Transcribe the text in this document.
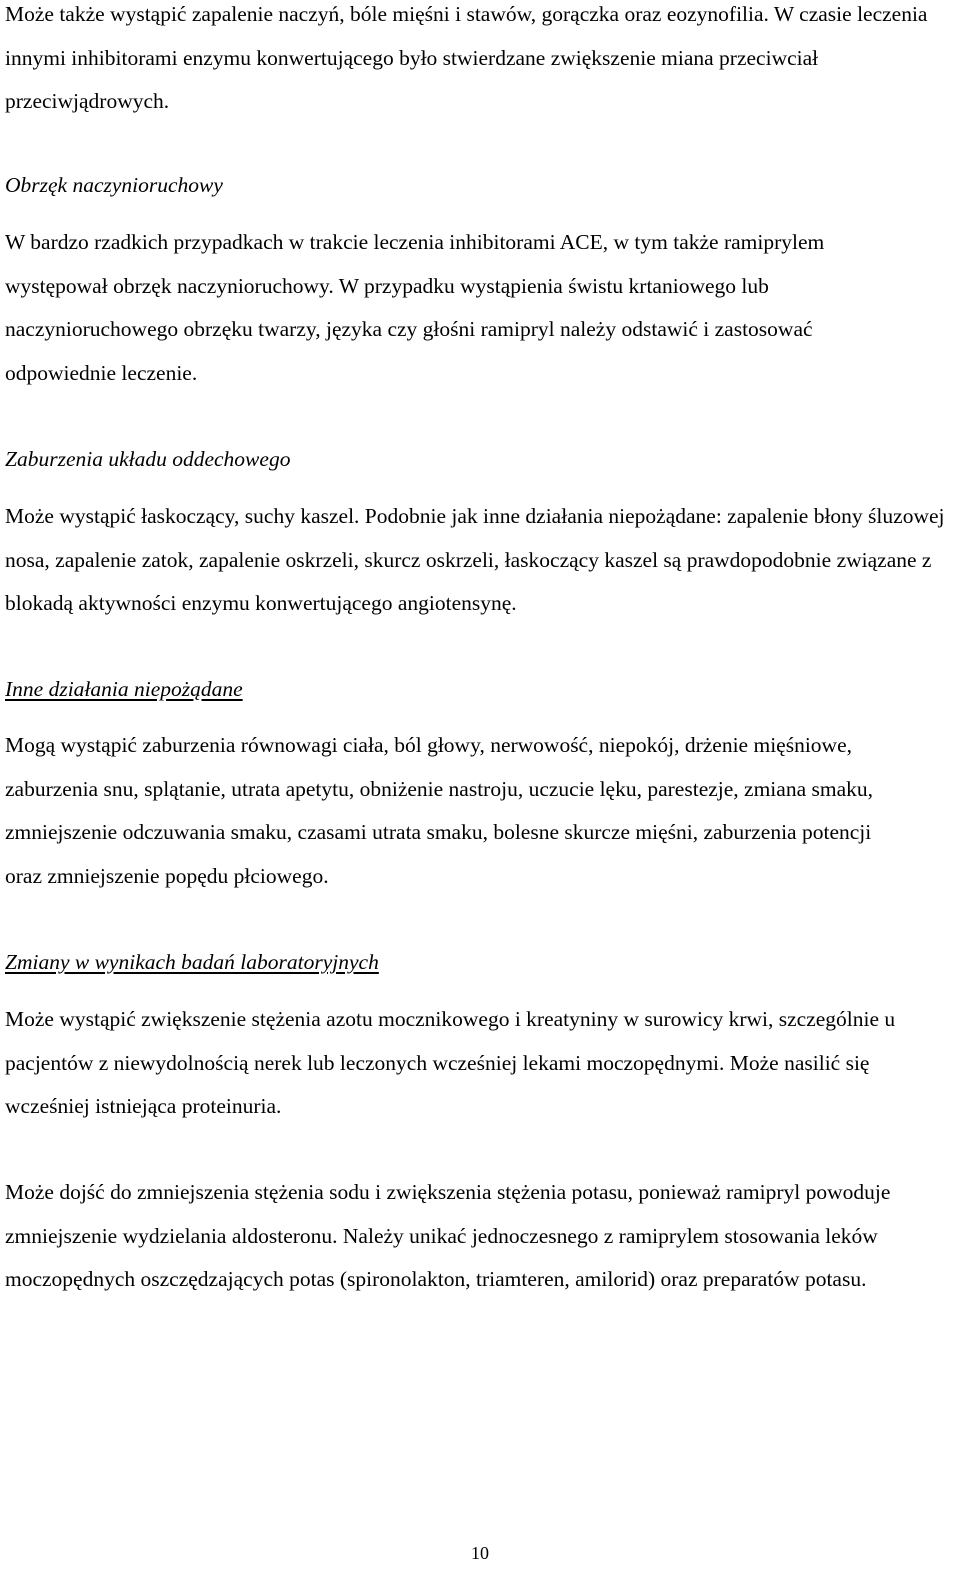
Może także wystąpić zapalenie naczyń, bóle mięśni i stawów, gorączka oraz eozynofilia. W czasie leczenia innymi inhibitorami enzymu konwertującego było stwierdzane zwiększenie miana przeciwciał przeciwjądrowych.

Obrzęk naczynioruchowy

W bardzo rzadkich przypadkach w trakcie leczenia inhibitorami ACE, w tym także ramiprylem występował obrzęk naczynioruchowy. W przypadku wystąpienia świstu krtaniowego lub naczynioruchowego obrzęku twarzy, języka czy głośni ramipryl należy odstawić i zastosować odpowiednie leczenie.

Zaburzenia układu oddechowego

Może wystąpić łaskoczący, suchy kaszel. Podobnie jak inne działania niepożądane: zapalenie błony śluzowej nosa, zapalenie zatok, zapalenie oskrzeli, skurcz oskrzeli, łaskoczący kaszel są prawdopodobnie związane z blokadą aktywności enzymu konwertującego angiotensynę.

Inne działania niepożądane

Mogą wystąpić zaburzenia równowagi ciała, ból głowy, nerwowość, niepokój, drżenie mięśniowe, zaburzenia snu, splątanie, utrata apetytu, obniżenie nastroju, uczucie lęku, parestezje, zmiana smaku, zmniejszenie odczuwania smaku, czasami utrata smaku, bolesne skurcze mięśni, zaburzenia potencji oraz zmniejszenie popędu płciowego.

Zmiany w wynikach badań laboratoryjnych

Może wystąpić zwiększenie stężenia azotu mocznikowego i kreatyniny w surowicy krwi, szczególnie u pacjentów z niewydolnością nerek lub leczonych wcześniej lekami moczopędnymi. Może nasilić się wcześniej istniejąca proteinuria.

Może dojść do zmniejszenia stężenia sodu i zwiększenia stężenia potasu, ponieważ ramipryl powoduje zmniejszenie wydzielania aldosteronu. Należy unikać jednoczesnego z ramiprylem stosowania leków moczopędnych oszczędzających potas (spironolakton, triamteren, amilorid) oraz preparatów potasu.

10
